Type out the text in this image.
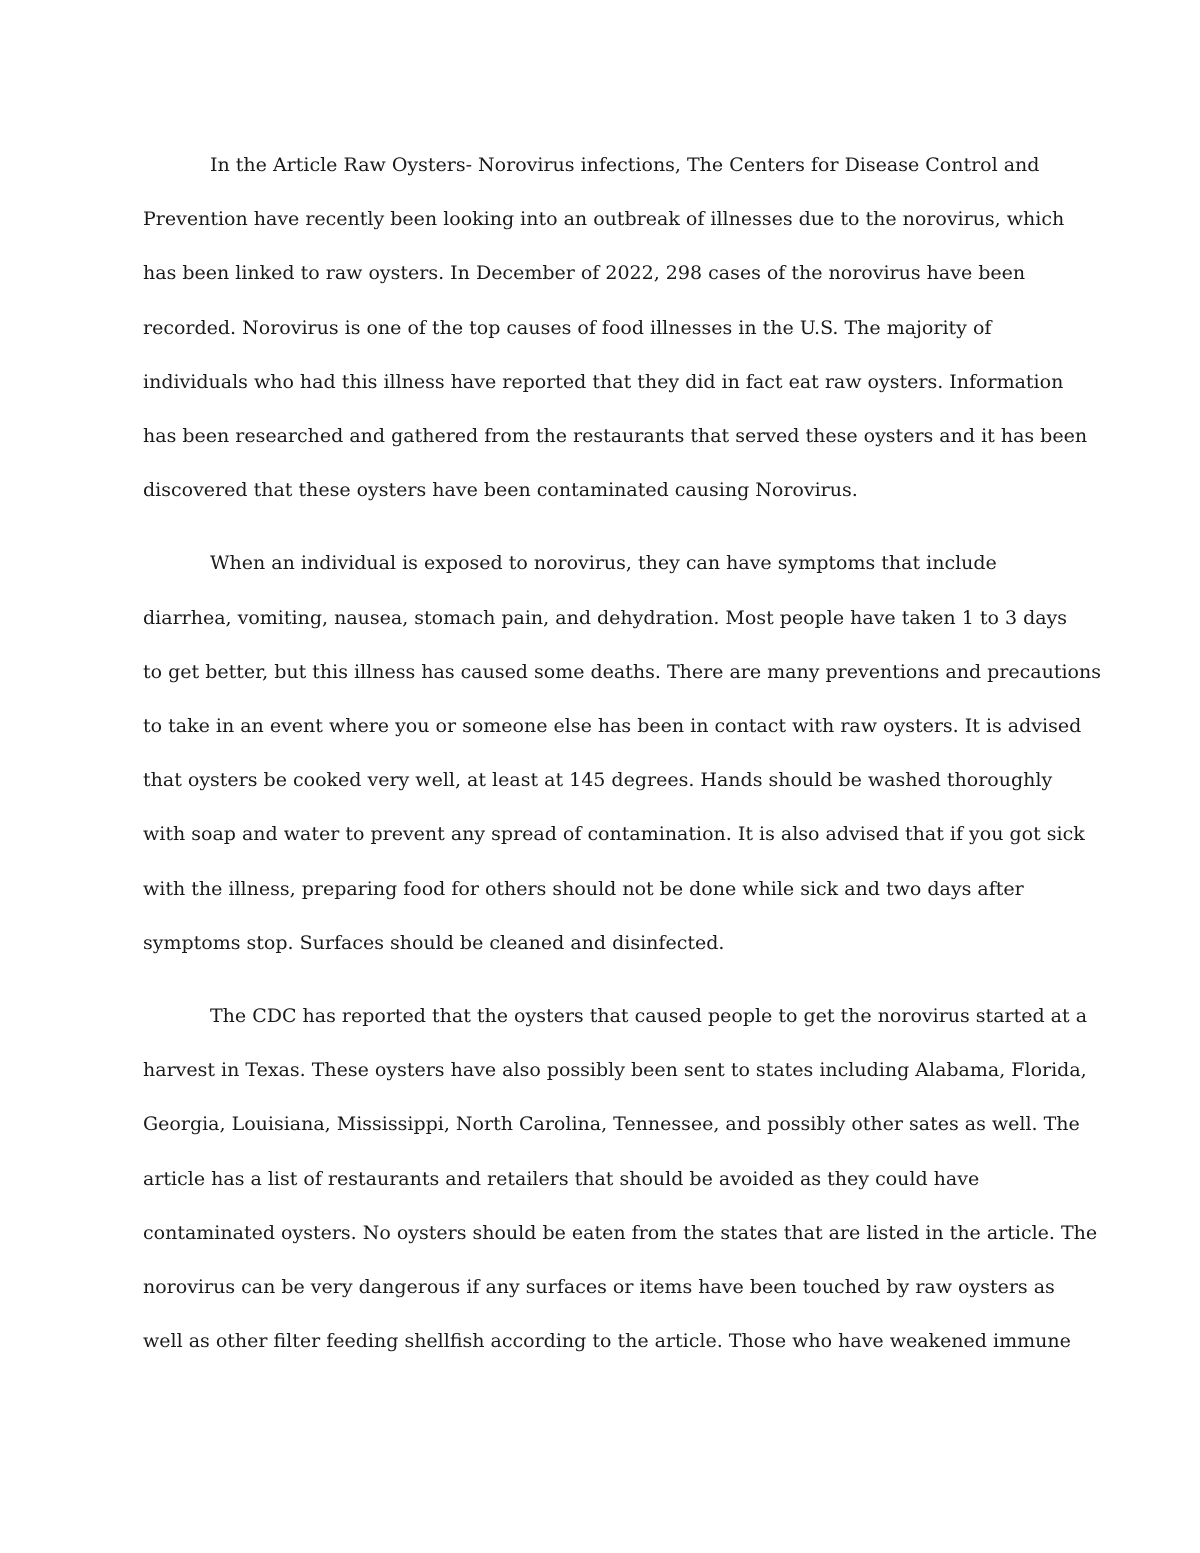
In the Article Raw Oysters- Norovirus infections, The Centers for Disease Control and
Prevention have recently been looking into an outbreak of illnesses due to the norovirus, which
has been linked to raw oysters. In December of 2022, 298 cases of the norovirus have been
recorded. Norovirus is one of the top causes of food illnesses in the U.S. The majority of
individuals who had this illness have reported that they did in fact eat raw oysters. Information
has been researched and gathered from the restaurants that served these oysters and it has been
discovered that these oysters have been contaminated causing Norovirus.
When an individual is exposed to norovirus, they can have symptoms that include
diarrhea, vomiting, nausea, stomach pain, and dehydration. Most people have taken 1 to 3 days
to get better, but this illness has caused some deaths. There are many preventions and precautions
to take in an event where you or someone else has been in contact with raw oysters. It is advised
that oysters be cooked very well, at least at 145 degrees. Hands should be washed thoroughly
with soap and water to prevent any spread of contamination. It is also advised that if you got sick
with the illness, preparing food for others should not be done while sick and two days after
symptoms stop. Surfaces should be cleaned and disinfected.
The CDC has reported that the oysters that caused people to get the norovirus started at a
harvest in Texas. These oysters have also possibly been sent to states including Alabama, Florida,
Georgia, Louisiana, Mississippi, North Carolina, Tennessee, and possibly other sates as well. The
article has a list of restaurants and retailers that should be avoided as they could have
contaminated oysters. No oysters should be eaten from the states that are listed in the article. The
norovirus can be very dangerous if any surfaces or items have been touched by raw oysters as
well as other filter feeding shellfish according to the article. Those who have weakened immune
